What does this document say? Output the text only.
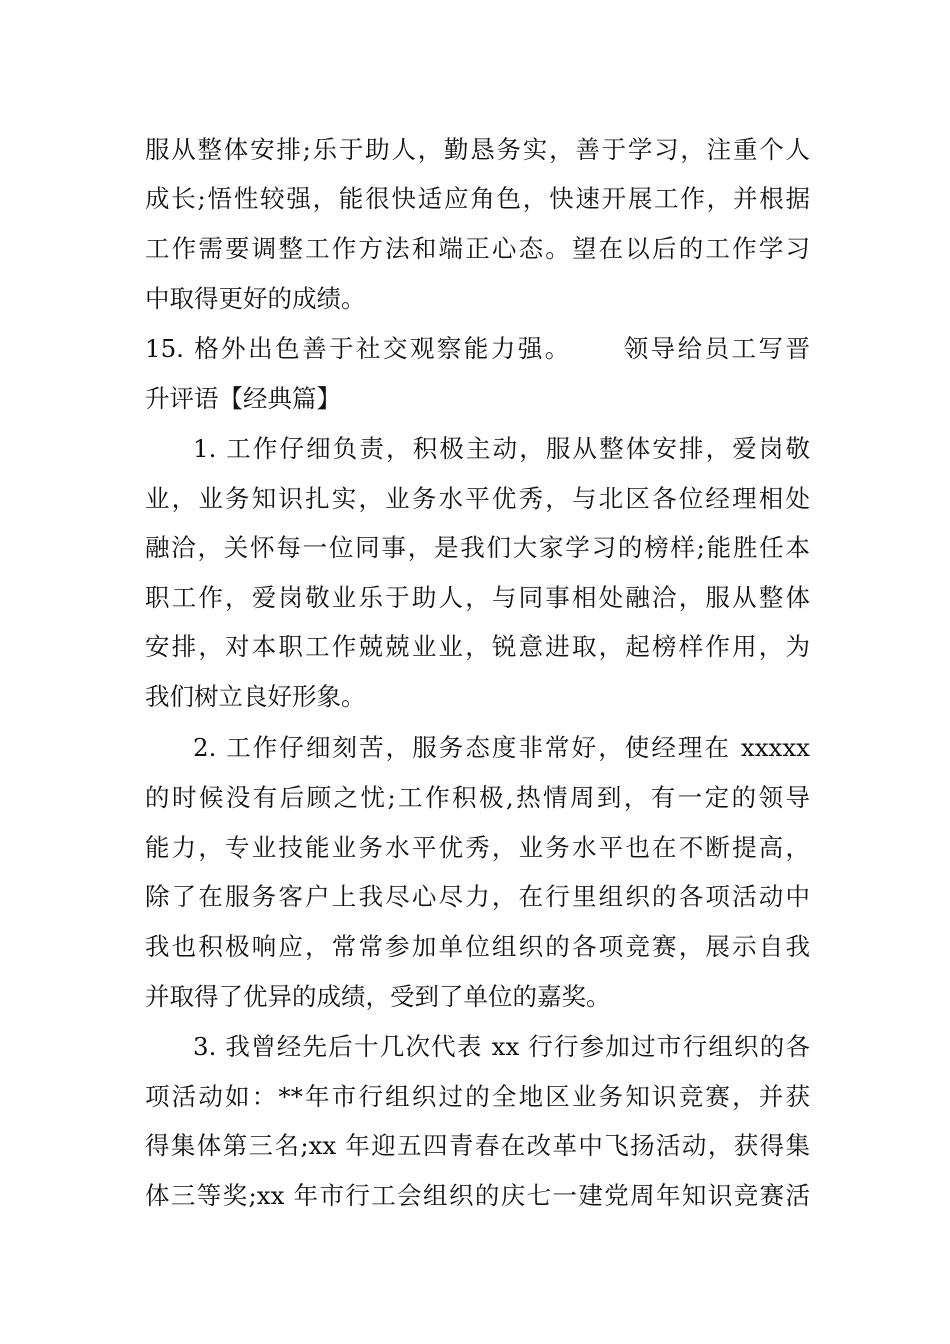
服从整体安排;乐于助人，勤恳务实，善于学习，注重个人
成长;悟性较强，能很快适应角色，快速开展工作，并根据
工作需要调整工作方法和端正心态。望在以后的工作学习
中取得更好的成绩。
15. 格外出色善于社交观察能力强。　　 领导给员工写晋
升评语【经典篇】
1. 工作仔细负责，积极主动，服从整体安排，爱岗敬
业，业务知识扎实，业务水平优秀，与北区各位经理相处
融洽，关怀每一位同事，是我们大家学习的榜样;能胜任本
职工作，爱岗敬业乐于助人，与同事相处融洽，服从整体
安排，对本职工作兢兢业业，锐意进取，起榜样作用，为
我们树立良好形象。
2. 工作仔细刻苦，服务态度非常好，使经理在 xxxxx
的时候没有后顾之忧;工作积极,热情周到，有一定的领导
能力，专业技能业务水平优秀，业务水平也在不断提高，
除了在服务客户上我尽心尽力，在行里组织的各项活动中
我也积极响应，常常参加单位组织的各项竞赛，展示自我
并取得了优异的成绩，受到了单位的嘉奖。
3. 我曾经先后十几次代表 xx 行行参加过市行组织的各
项活动如：**年市行组织过的全地区业务知识竞赛，并获
得集体第三名;xx 年迎五四青春在改革中飞扬活动，获得集
体三等奖;xx 年市行工会组织的庆七一建党周年知识竞赛活
